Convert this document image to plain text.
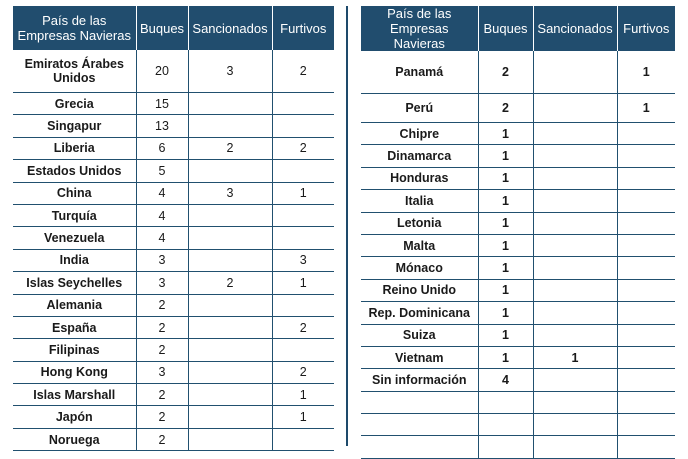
País de las Empresas Navieras	Buques	Sancionados	Furtivos
Emiratos Árabes Unidos	20	3	2
Grecia	15		
Singapur	13		
Liberia	6	2	2
Estados Unidos	5		
China	4	3	1
Turquía	4		
Venezuela	4		
India	3		3
Islas Seychelles	3	2	1
Alemania	2		
España	2		2
Filipinas	2		
Hong Kong	3		2
Islas Marshall	2		1
Japón	2		1
Noruega	2		
País de las Empresas Navieras	Buques	Sancionados	Furtivos
Panamá	2		1
Perú	2		1
Chipre	1		
Dinamarca	1		
Honduras	1		
Italia	1		
Letonia	1		
Malta	1		
Mónaco	1		
Reino Unido	1		
Rep. Dominicana	1		
Suiza	1		
Vietnam	1	1	
Sin información	4		
